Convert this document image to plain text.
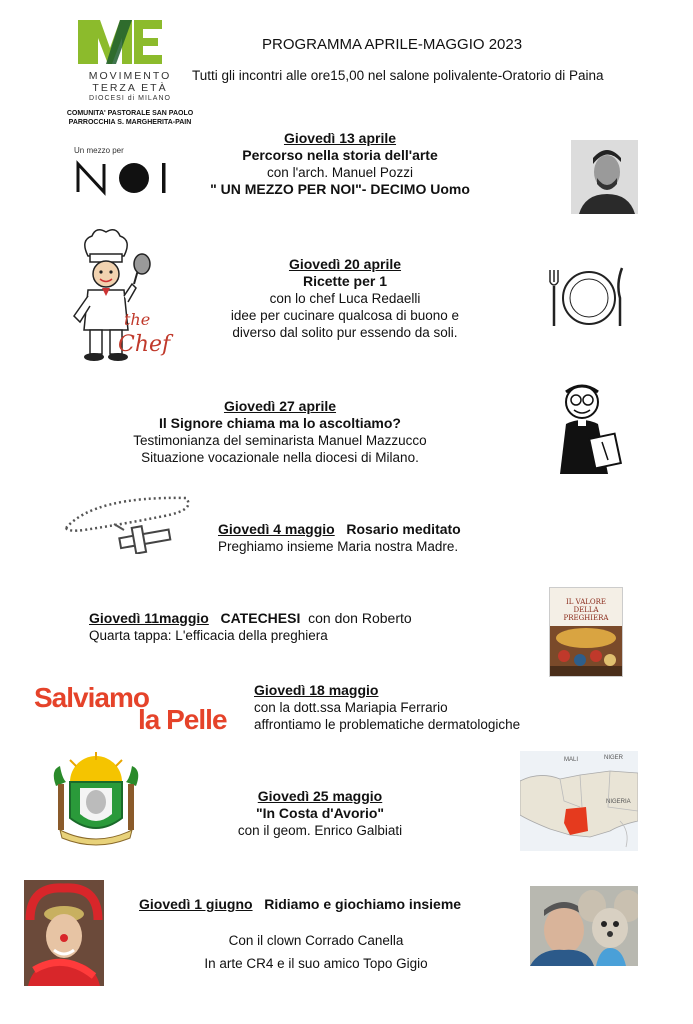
MOVIMENTO
TERZA ETÀ
DIOCESI di MILANO
COMUNITA' PASTORALE SAN PAOLO
PARROCCHIA S. MARGHERITA-PAIN
PROGRAMMA APRILE-MAGGIO 2023
Tutti gli incontri alle ore15,00 nel salone polivalente-Oratorio di Paina
Un mezzo per
Giovedì 13 aprile
Percorso nella storia dell'arte
con l'arch. Manuel Pozzi
" UN MEZZO PER NOI"- DECIMO Uomo
the
Chef
Giovedì 20 aprile
Ricette per 1
con lo chef Luca Redaelli
idee per cucinare qualcosa di buono e
diverso dal solito pur essendo da soli.
Giovedì 27 aprile
Il Signore chiama ma lo ascoltiamo?
Testimonianza del seminarista Manuel Mazzucco
Situazione vocazionale nella diocesi di Milano.
Giovedì 4 maggio Rosario meditato
Preghiamo insieme Maria nostra Madre.
Giovedì 11maggio CATECHESI con don Roberto
Quarta tappa: L'efficacia della preghiera
IL VALORE
DELLA
PREGHIERA
Salviamo
la Pelle
Giovedì 18 maggio
con la dott.ssa Mariapia Ferrario
affrontiamo le problematiche dermatologiche
Giovedì 25 maggio
"In Costa d'Avorio"
con il geom. Enrico Galbiati
MALI	NIGER
NIGERIA
Giovedì 1 giugno Ridiamo e giochiamo insieme
Con il clown Corrado Canella
In arte CR4 e il suo amico Topo Gigio
